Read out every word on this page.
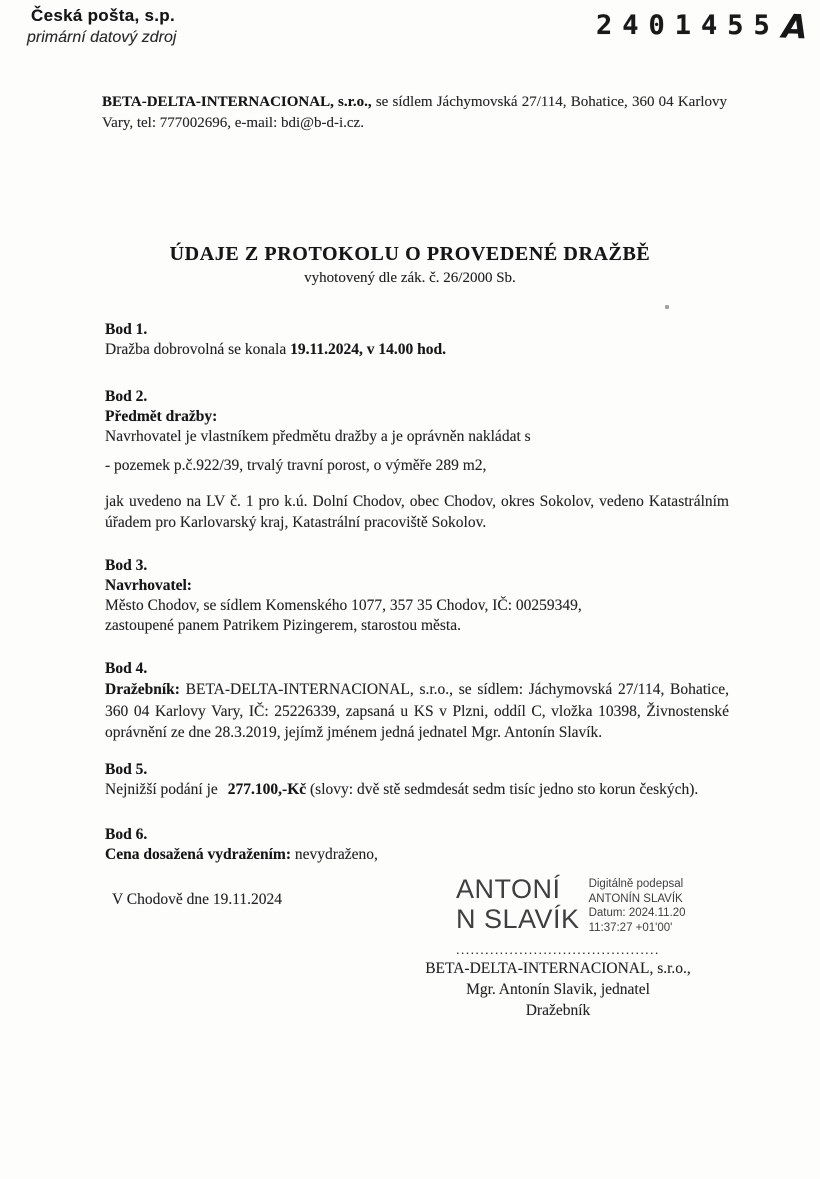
Česká pošta, s.p.
primární datový zdroj	2401455 A

BETA-DELTA-INTERNACIONAL, s.r.o., se sídlem Jáchymovská 27/114, Bohatice, 360 04 Karlovy Vary, tel: 777002696, e-mail: bdi@b-d-i.cz.

ÚDAJE Z PROTOKOLU O PROVEDENÉ DRAŽBĚ
vyhotovený dle zák. č. 26/2000 Sb.
Bod 1.
Dražba dobrovolná se konala 19.11.2024, v 14.00 hod.
Bod 2.
Předmět dražby:
Navrhovatel je vlastníkem předmětu dražby a je oprávněn nakládat s
- pozemek p.č.922/39, trvalý travní porost, o výměře 289 m2,
jak uvedeno na LV č. 1 pro k.ú. Dolní Chodov, obec Chodov, okres Sokolov, vedeno Katastrálním úřadem pro Karlovarský kraj, Katastrální pracoviště Sokolov.
Bod 3.
Navrhovatel:
Město Chodov, se sídlem Komenského 1077, 357 35 Chodov, IČ: 00259349,
zastoupené panem Patrikem Pizingerem, starostou města.
Bod 4.
Dražebník: BETA-DELTA-INTERNACIONAL, s.r.o., se sídlem: Jáchymovská 27/114, Bohatice, 360 04 Karlovy Vary, IČ: 25226339, zapsaná u KS v Plzni, oddíl C, vložka 10398, Živnostenské oprávnění ze dne 28.3.2019, jejímž jménem jedná jednatel Mgr. Antonín Slavík.
Bod 5.
Nejnižší podání je 277.100,-Kč (slovy: dvě stě sedmdesát sedm tisíc jedno sto korun českých).
Bod 6.
Cena dosažená vydražením: nevydraženo,
V Chodově dne 19.11.2024	ANTONÍ
N SLAVÍK
Digitálně podepsal
ANTONÍN SLAVÍK
Datum: 2024.11.20
11:37:27 +01'00'
..........................................
BETA-DELTA-INTERNACIONAL, s.r.o.,
Mgr. Antonín Slavik, jednatel
Dražebník
